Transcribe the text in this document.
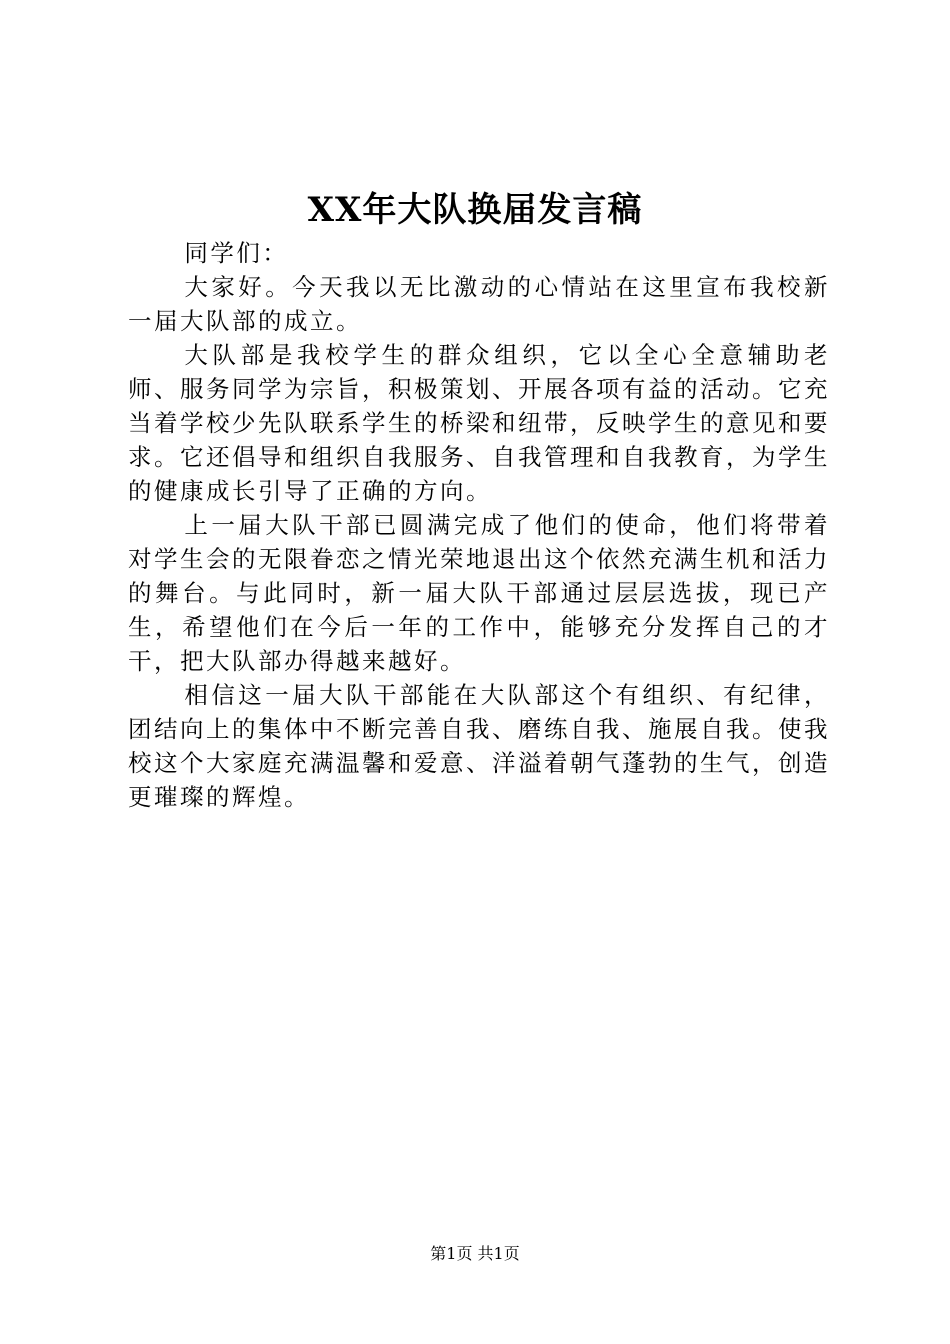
XX年大队换届发言稿

同学们：

大家好。今天我以无比激动的心情站在这里宣布我校新一届大队部的成立。

大队部是我校学生的群众组织，它以全心全意辅助老师、服务同学为宗旨，积极策划、开展各项有益的活动。它充当着学校少先队联系学生的桥梁和纽带，反映学生的意见和要求。它还倡导和组织自我服务、自我管理和自我教育，为学生的健康成长引导了正确的方向。

上一届大队干部已圆满完成了他们的使命，他们将带着对学生会的无限眷恋之情光荣地退出这个依然充满生机和活力的舞台。与此同时，新一届大队干部通过层层选拔，现已产生，希望他们在今后一年的工作中，能够充分发挥自己的才干，把大队部办得越来越好。

相信这一届大队干部能在大队部这个有组织、有纪律，团结向上的集体中不断完善自我、磨练自我、施展自我。使我校这个大家庭充满温馨和爱意、洋溢着朝气蓬勃的生气，创造更璀璨的辉煌。

第1页 共1页
